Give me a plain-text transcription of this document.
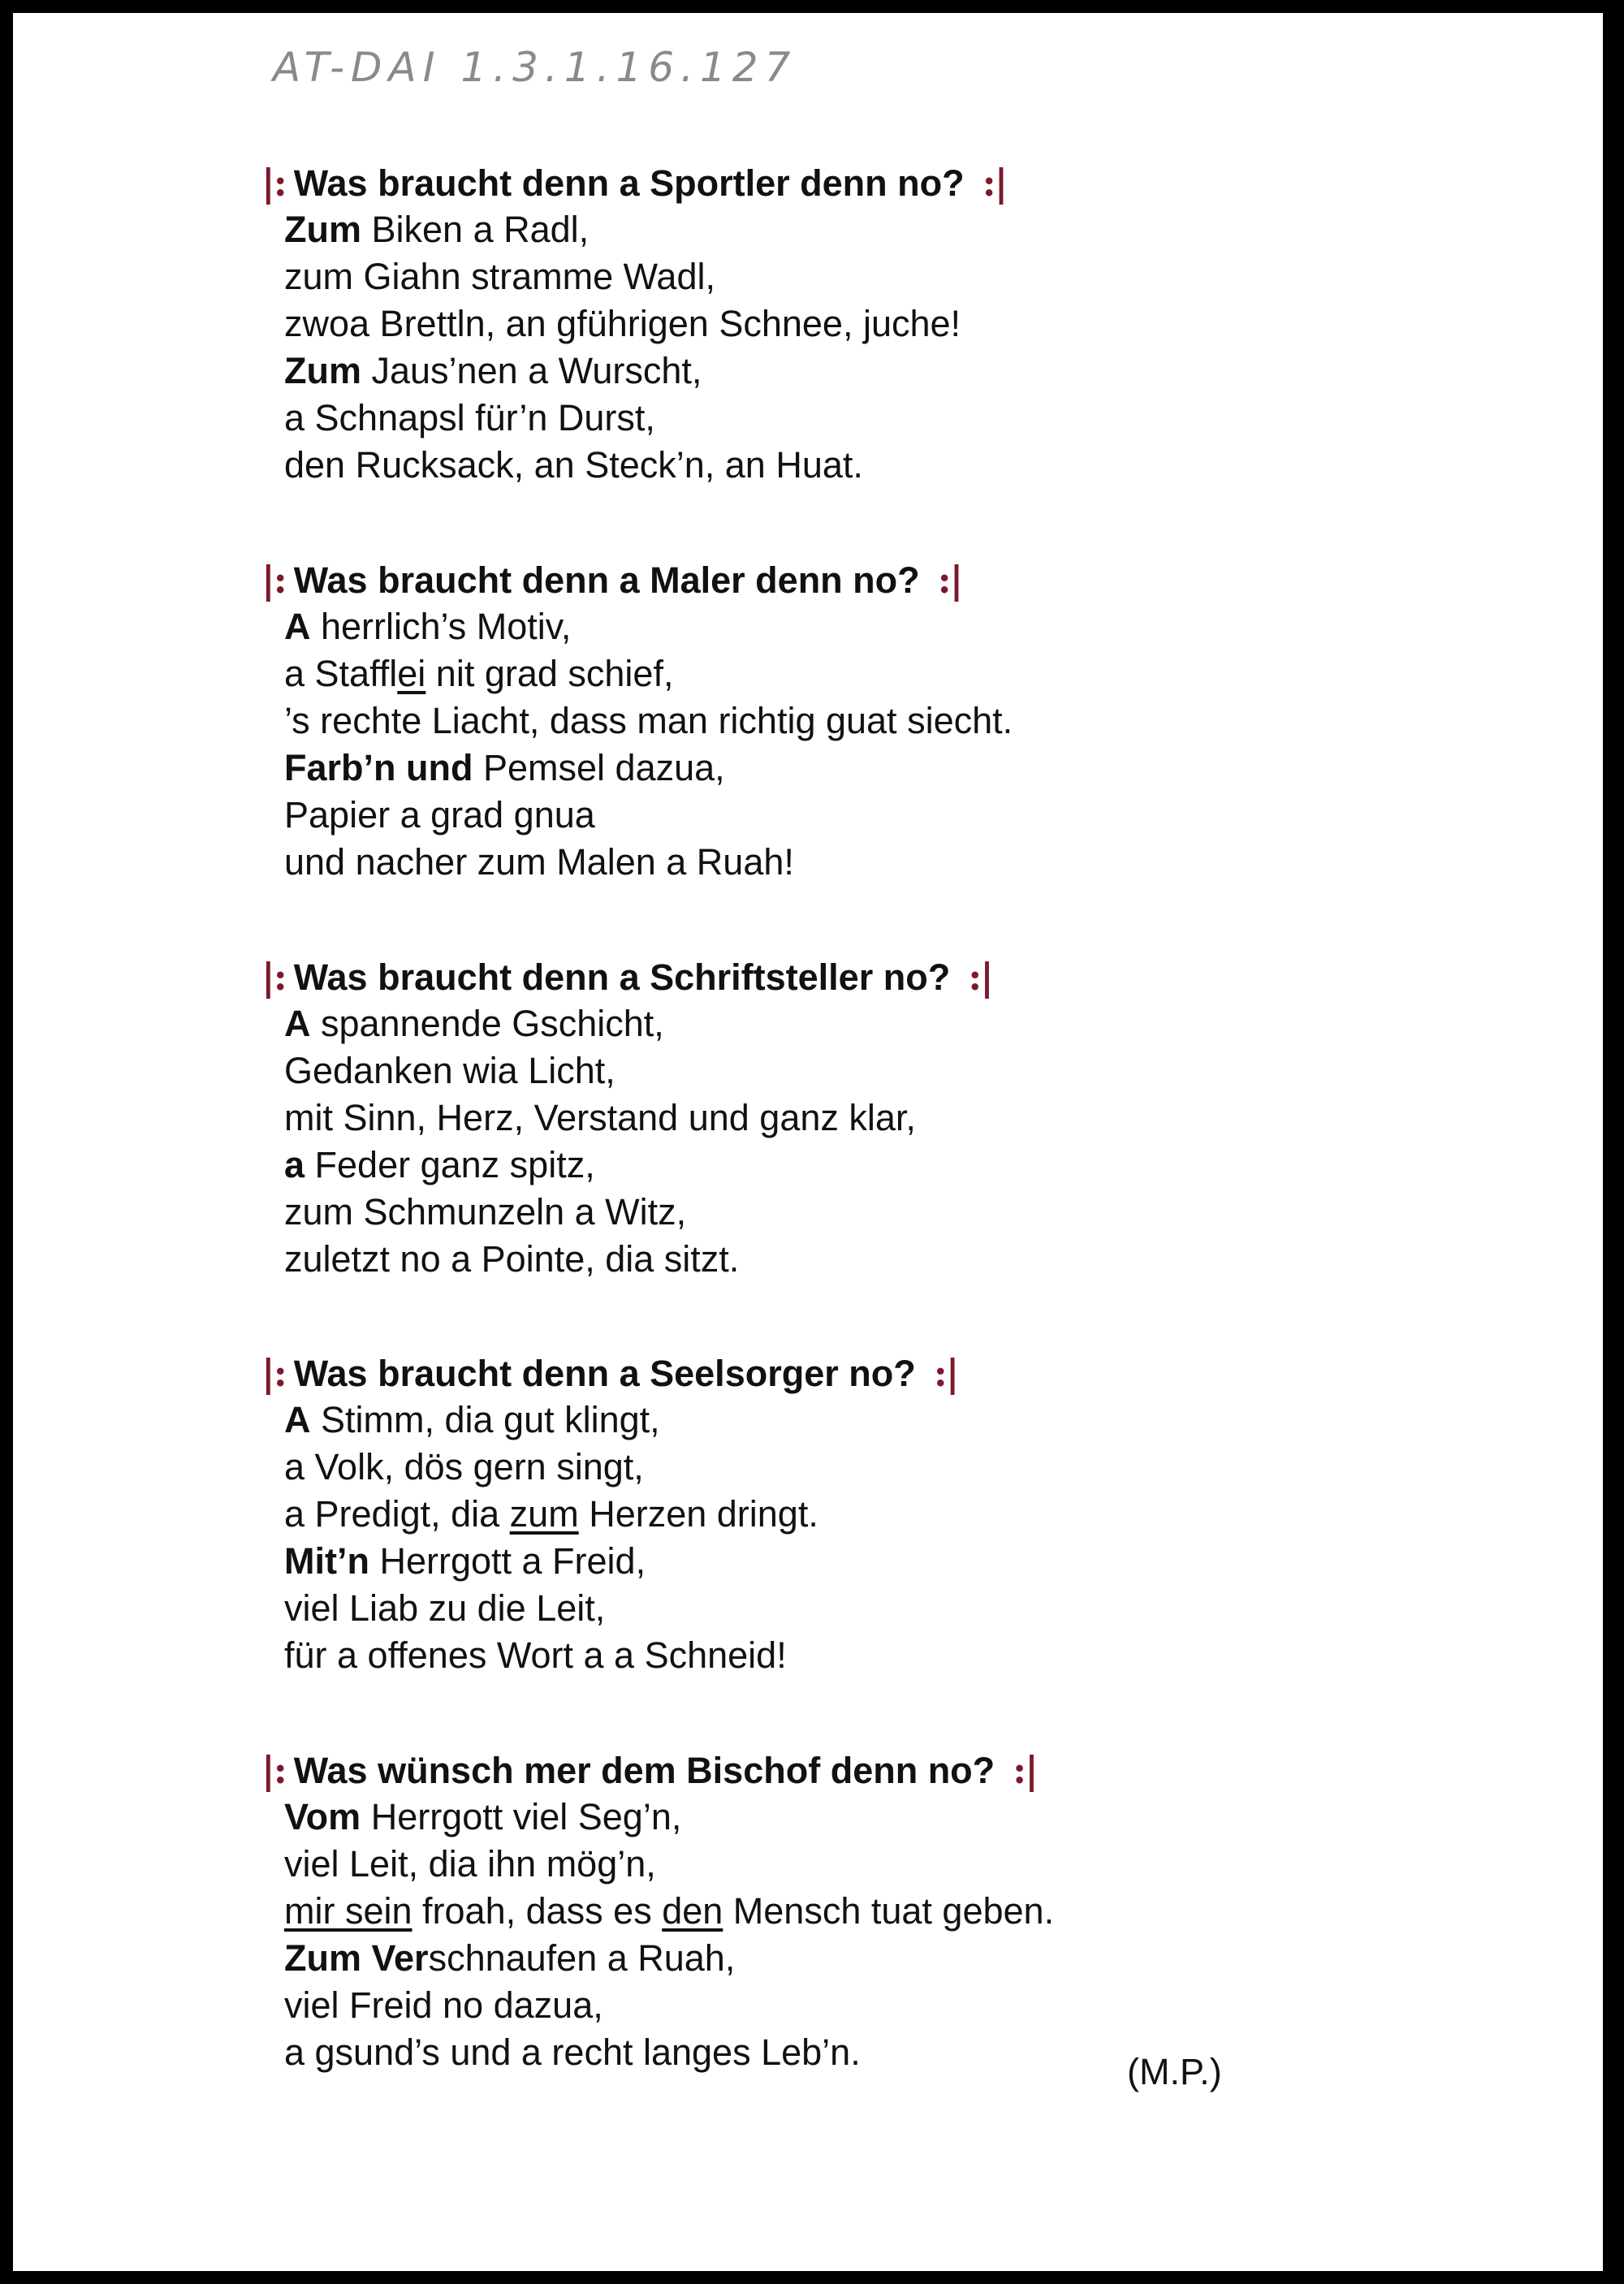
AT-DAI 1.3.1.16.127
|: Was braucht denn a Sportler denn no? :|
Zum Biken a Radl,
zum Giahn stramme Wadl,
zwoa Brettln, an gführigen Schnee, juche!
Zum Jaus’nen a Wurscht,
a Schnapsl für’n Durst,
den Rucksack, an Steck’n, an Huat.
|: Was braucht denn a Maler denn no? :|
A herrlich’s Motiv,
a Stafflei nit grad schief,
’s rechte Liacht, dass man richtig guat siecht.
Farb’n und Pemsel dazua,
Papier a grad gnua
und nacher zum Malen a Ruah!
|: Was braucht denn a Schriftsteller no? :|
A spannende Gschicht,
Gedanken wia Licht,
mit Sinn, Herz, Verstand und ganz klar,
a Feder ganz spitz,
zum Schmunzeln a Witz,
zuletzt no a Pointe, dia sitzt.
|: Was braucht denn a Seelsorger no? :|
A Stimm, dia gut klingt,
a Volk, dös gern singt,
a Predigt, dia zum Herzen dringt.
Mit’n Herrgott a Freid,
viel Liab zu die Leit,
für a offenes Wort a a Schneid!
|: Was wünsch mer dem Bischof denn no? :|
Vom Herrgott viel Seg’n,
viel Leit, dia ihn mög’n,
mir sein froah, dass es den Mensch tuat geben.
Zum Verschnaufen a Ruah,
viel Freid no dazua,
a gsund’s und a recht langes Leb’n.	(M.P.)
